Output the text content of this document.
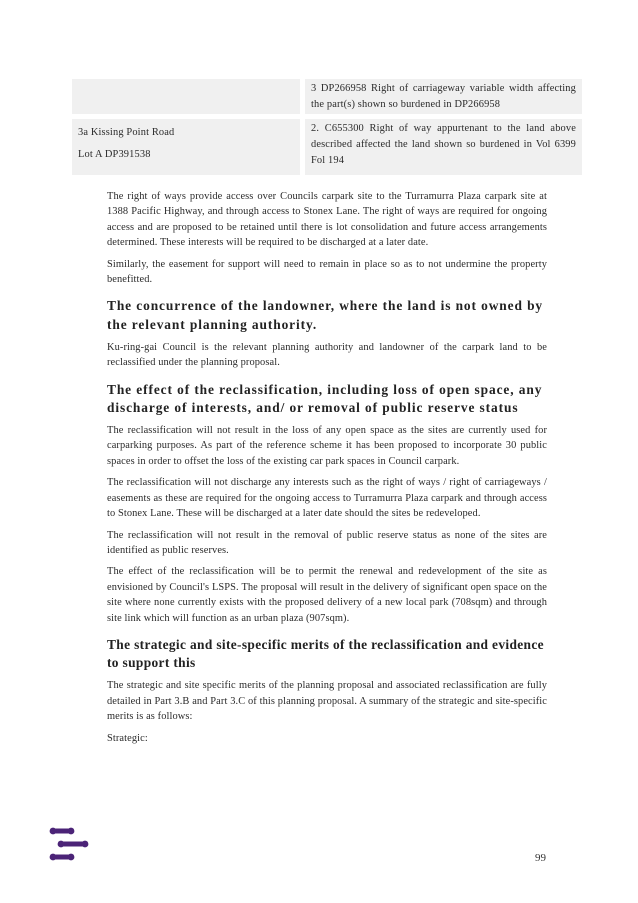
3 DP266958 Right of carriageway variable width affecting the part(s) shown so burdened in DP266958

3a Kissing Point Road

Lot A DP391538

2. C655300 Right of way appurtenant to the land above described affected the land shown so burdened in Vol 6399 Fol 194

The right of ways provide access over Councils carpark site to the Turramurra Plaza carpark site at 1388 Pacific Highway, and through access to Stonex Lane. The right of ways are required for ongoing access and are proposed to be retained until there is lot consolidation and future access arrangements determined. These interests will be required to be discharged at a later date.

Similarly, the easement for support will need to remain in place so as to not undermine the property benefitted.

The concurrence of the landowner, where the land is not owned by the relevant planning authority.

Ku-ring-gai Council is the relevant planning authority and landowner of the carpark land to be reclassified under the planning proposal.

The effect of the reclassification, including loss of open space, any discharge of interests, and/ or removal of public reserve status

The reclassification will not result in the loss of any open space as the sites are currently used for carparking purposes. As part of the reference scheme it has been proposed to incorporate 30 public spaces in order to offset the loss of the existing car park spaces in Council carpark.

The reclassification will not discharge any interests such as the right of ways / right of carriageways / easements as these are required for the ongoing access to Turramurra Plaza carpark and through access to Stonex Lane. These will be discharged at a later date should the sites be redeveloped.

The reclassification will not result in the removal of public reserve status as none of the sites are identified as public reserves.

The effect of the reclassification will be to permit the renewal and redevelopment of the site as envisioned by Council's LSPS. The proposal will result in the delivery of significant open space on the site where none currently exists with the proposed delivery of a new local park (708sqm) and through site link which will function as an urban plaza (907sqm).

The strategic and site-specific merits of the reclassification and evidence to support this

The strategic and site specific merits of the planning proposal and associated reclassification are fully detailed in Part 3.B and Part 3.C of this planning proposal. A summary of the strategic and site-specific merits is as follows:

Strategic:

99
